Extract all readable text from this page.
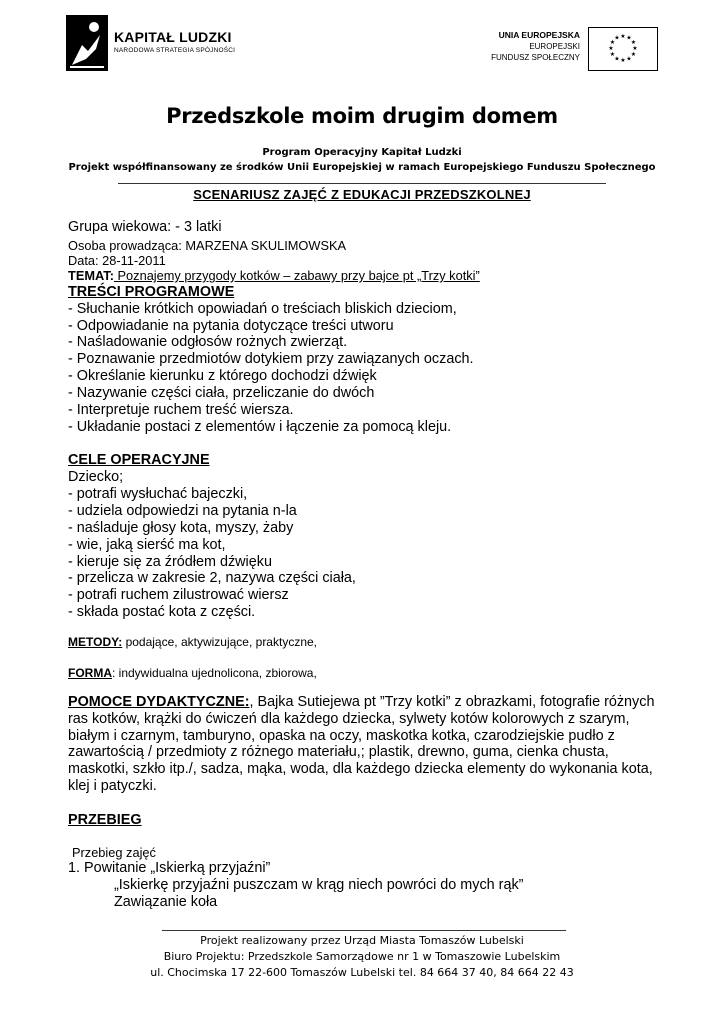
KAPITAŁ LUDZKI
NARODOWA STRATEGIA SPÓJNOŚCI
UNIA EUROPEJSKA
EUROPEJSKI
FUNDUSZ SPOŁECZNY
★ ★
★
★
★
★
★
★
★
★
★
★
Przedszkole moim drugim domem
Program Operacyjny Kapitał Ludzki
Projekt współfinansowany ze środków Unii Europejskiej w ramach Europejskiego Funduszu Społecznego
SCENARIUSZ ZAJĘĆ Z EDUKACJI PRZEDSZKOLNEJ
Grupa wiekowa: - 3 latki
Osoba prowadząca: MARZENA SKULIMOWSKA
Data: 28-11-2011
TEMAT: Poznajemy przygody kotków – zabawy przy bajce pt „Trzy kotki”
TREŚCI PROGRAMOWE
- Słuchanie krótkich opowiadań o treściach bliskich dzieciom,
- Odpowiadanie na pytania dotyczące treści utworu
- Naśladowanie odgłosów rożnych zwierząt.
- Poznawanie przedmiotów dotykiem przy zawiązanych oczach.
- Określanie kierunku z którego dochodzi dźwięk
- Nazywanie części ciała, przeliczanie do dwóch
- Interpretuje ruchem treść wiersza.
- Układanie postaci z elementów i łączenie za pomocą kleju.
CELE OPERACYJNE
Dziecko;
- potrafi wysłuchać bajeczki,
- udziela odpowiedzi na pytania n-la
- naśladuje głosy kota, myszy, żaby
- wie, jaką sierść ma kot,
- kieruje się za źródłem dźwięku
- przelicza w zakresie 2, nazywa części ciała,
- potrafi ruchem zilustrować wiersz
- składa postać kota z części.
METODY: podające, aktywizujące, praktyczne,
FORMA: indywidualna ujednolicona, zbiorowa,
POMOCE DYDAKTYCZNE:, Bajka Sutiejewa pt ”Trzy kotki” z obrazkami, fotografie różnych ras kotków, krążki do ćwiczeń dla każdego dziecka, sylwety kotów kolorowych z szarym, białym i czarnym, tamburyno, opaska na oczy, maskotka kotka, czarodziejskie pudło z zawartością / przedmioty z różnego materiału,; plastik, drewno, guma, cienka chusta, maskotki, szkło itp./, sadza, mąka, woda, dla każdego dziecka elementy do wykonania kota, klej i patyczki.
PRZEBIEG
Przebieg zajęć
1. Powitanie „Iskierką przyjaźni”
„Iskierkę przyjaźni puszczam w krąg niech powróci do mych rąk”
Zawiązanie koła
Projekt realizowany przez Urząd Miasta Tomaszów Lubelski
Biuro Projektu: Przedszkole Samorządowe nr 1 w Tomaszowie Lubelskim
ul. Chocimska 17 22-600 Tomaszów Lubelski tel. 84 664 37 40, 84 664 22 43
